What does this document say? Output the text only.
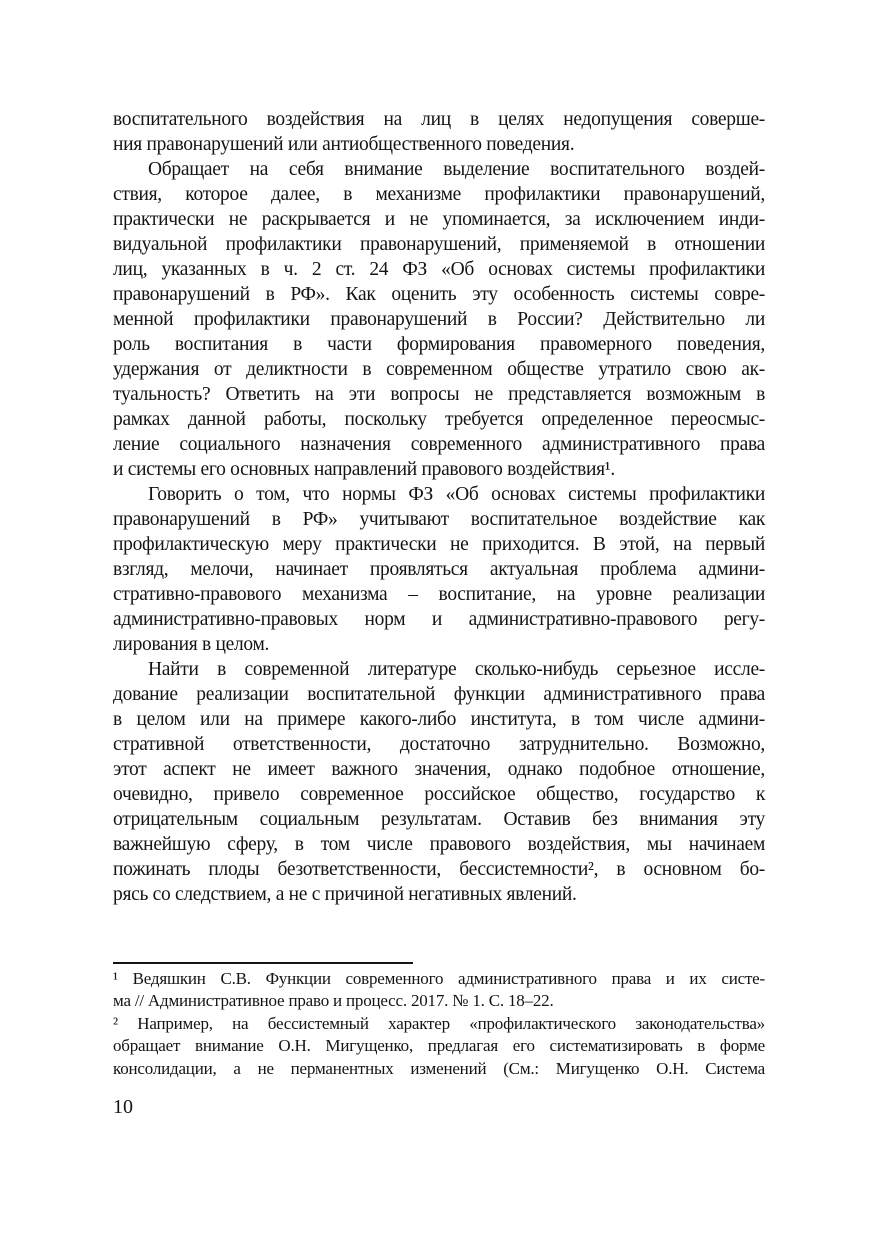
воспитательного воздействия на лиц в целях недопущения соверше-
ния правонарушений или антиобщественного поведения.
Обращает на себя внимание выделение воспитательного воздей-
ствия, которое далее, в механизме профилактики правонарушений,
практически не раскрывается и не упоминается, за исключением инди-
видуальной профилактики правонарушений, применяемой в отношении
лиц, указанных в ч. 2 ст. 24 ФЗ «Об основах системы профилактики
правонарушений в РФ». Как оценить эту особенность системы совре-
менной профилактики правонарушений в России? Действительно ли
роль воспитания в части формирования правомерного поведения,
удержания от деликтности в современном обществе утратило свою ак-
туальность? Ответить на эти вопросы не представляется возможным в
рамках данной работы, поскольку требуется определенное переосмыс-
ление социального назначения современного административного права
и системы его основных направлений правового воздействия¹.
Говорить о том, что нормы ФЗ «Об основах системы профилактики
правонарушений в РФ» учитывают воспитательное воздействие как
профилактическую меру практически не приходится. В этой, на первый
взгляд, мелочи, начинает проявляться актуальная проблема админи-
стративно-правового механизма – воспитание, на уровне реализации
административно-правовых норм и административно-правового регу-
лирования в целом.
Найти в современной литературе сколько-нибудь серьезное иссле-
дование реализации воспитательной функции административного права
в целом или на примере какого-либо института, в том числе админи-
стративной ответственности, достаточно затруднительно. Возможно,
этот аспект не имеет важного значения, однако подобное отношение,
очевидно, привело современное российское общество, государство к
отрицательным социальным результатам. Оставив без внимания эту
важнейшую сферу, в том числе правового воздействия, мы начинаем
пожинать плоды безответственности, бессистемности², в основном бо-
рясь со следствием, а не с причиной негативных явлений.
¹ Ведяшкин С.В. Функции современного административного права и их систе-
ма // Административное право и процесс. 2017. № 1. С. 18–22.
² Например, на бессистемный характер «профилактического законодательства»
обращает внимание О.Н. Мигущенко, предлагая его систематизировать в форме
консолидации, а не перманентных изменений (См.: Мигущенко О.Н. Система
10
